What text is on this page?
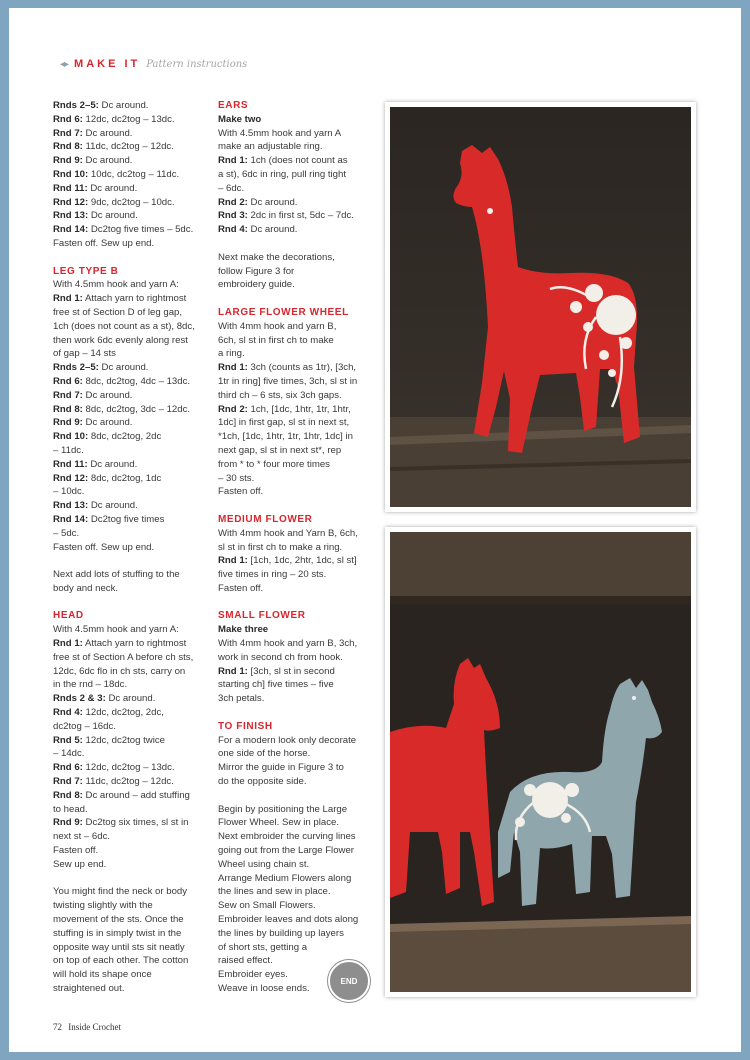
◂▸ MAKE IT Pattern instructions
Rnds 2–5: Dc around.
Rnd 6: 12dc, dc2tog – 13dc.
Rnd 7: Dc around.
Rnd 8: 11dc, dc2tog – 12dc.
Rnd 9: Dc around.
Rnd 10: 10dc, dc2tog – 11dc.
Rnd 11: Dc around.
Rnd 12: 9dc, dc2tog – 10dc.
Rnd 13: Dc around.
Rnd 14: Dc2tog five times – 5dc.
Fasten off. Sew up end.
LEG TYPE B
With 4.5mm hook and yarn A:
Rnd 1: Attach yarn to rightmost
free st of Section D of leg gap,
1ch (does not count as a st), 8dc,
then work 6dc evenly along rest
of gap – 14 sts
Rnds 2–5: Dc around.
Rnd 6: 8dc, dc2tog, 4dc – 13dc.
Rnd 7: Dc around.
Rnd 8: 8dc, dc2tog, 3dc – 12dc.
Rnd 9: Dc around.
Rnd 10: 8dc, dc2tog, 2dc
– 11dc.
Rnd 11: Dc around.
Rnd 12: 8dc, dc2tog, 1dc
– 10dc.
Rnd 13: Dc around.
Rnd 14: Dc2tog five times
– 5dc.
Fasten off. Sew up end.
Next add lots of stuffing to the
body and neck.
HEAD
With 4.5mm hook and yarn A:
Rnd 1: Attach yarn to rightmost
free st of Section A before ch sts,
12dc, 6dc flo in ch sts, carry on
in the rnd – 18dc.
Rnds 2 & 3: Dc around.
Rnd 4: 12dc, dc2tog, 2dc,
dc2tog – 16dc.
Rnd 5: 12dc, dc2tog twice
– 14dc.
Rnd 6: 12dc, dc2tog – 13dc.
Rnd 7: 11dc, dc2tog – 12dc.
Rnd 8: Dc around – add stuffing
to head.
Rnd 9: Dc2tog six times, sl st in
next st – 6dc.
Fasten off.
Sew up end.
You might find the neck or body
twisting slightly with the
movement of the sts. Once the
stuffing is in simply twist in the
opposite way until sts sit neatly
on top of each other. The cotton
will hold its shape once
straightened out.
EARS
Make two
With 4.5mm hook and yarn A
make an adjustable ring.
Rnd 1: 1ch (does not count as
a st), 6dc in ring, pull ring tight
– 6dc.
Rnd 2: Dc around.
Rnd 3: 2dc in first st, 5dc – 7dc.
Rnd 4: Dc around.
Next make the decorations,
follow Figure 3 for
embroidery guide.
LARGE FLOWER WHEEL
With 4mm hook and yarn B,
6ch, sl st in first ch to make
a ring.
Rnd 1: 3ch (counts as 1tr), [3ch,
1tr in ring] five times, 3ch, sl st in
third ch – 6 sts, six 3ch gaps.
Rnd 2: 1ch, [1dc, 1htr, 1tr, 1htr,
1dc] in first gap, sl st in next st,
*1ch, [1dc, 1htr, 1tr, 1htr, 1dc] in
next gap, sl st in next st*, rep
from * to * four more times
– 30 sts.
Fasten off.
MEDIUM FLOWER
With 4mm hook and Yarn B, 6ch,
sl st in first ch to make a ring.
Rnd 1: [1ch, 1dc, 2htr, 1dc, sl st]
five times in ring – 20 sts.
Fasten off.
SMALL FLOWER
Make three
With 4mm hook and yarn B, 3ch,
work in second ch from hook.
Rnd 1: [3ch, sl st in second
starting ch] five times – five
3ch petals.
TO FINISH
For a modern look only decorate
one side of the horse.
Mirror the guide in Figure 3 to
do the opposite side.
Begin by positioning the Large
Flower Wheel. Sew in place.
Next embroider the curving lines
going out from the Large Flower
Wheel using chain st.
Arrange Medium Flowers along
the lines and sew in place.
Sew on Small Flowers.
Embroider leaves and dots along
the lines by building up layers
of short sts, getting a
raised effect.
Embroider eyes.
Weave in loose ends.
END
72 Inside Crochet
